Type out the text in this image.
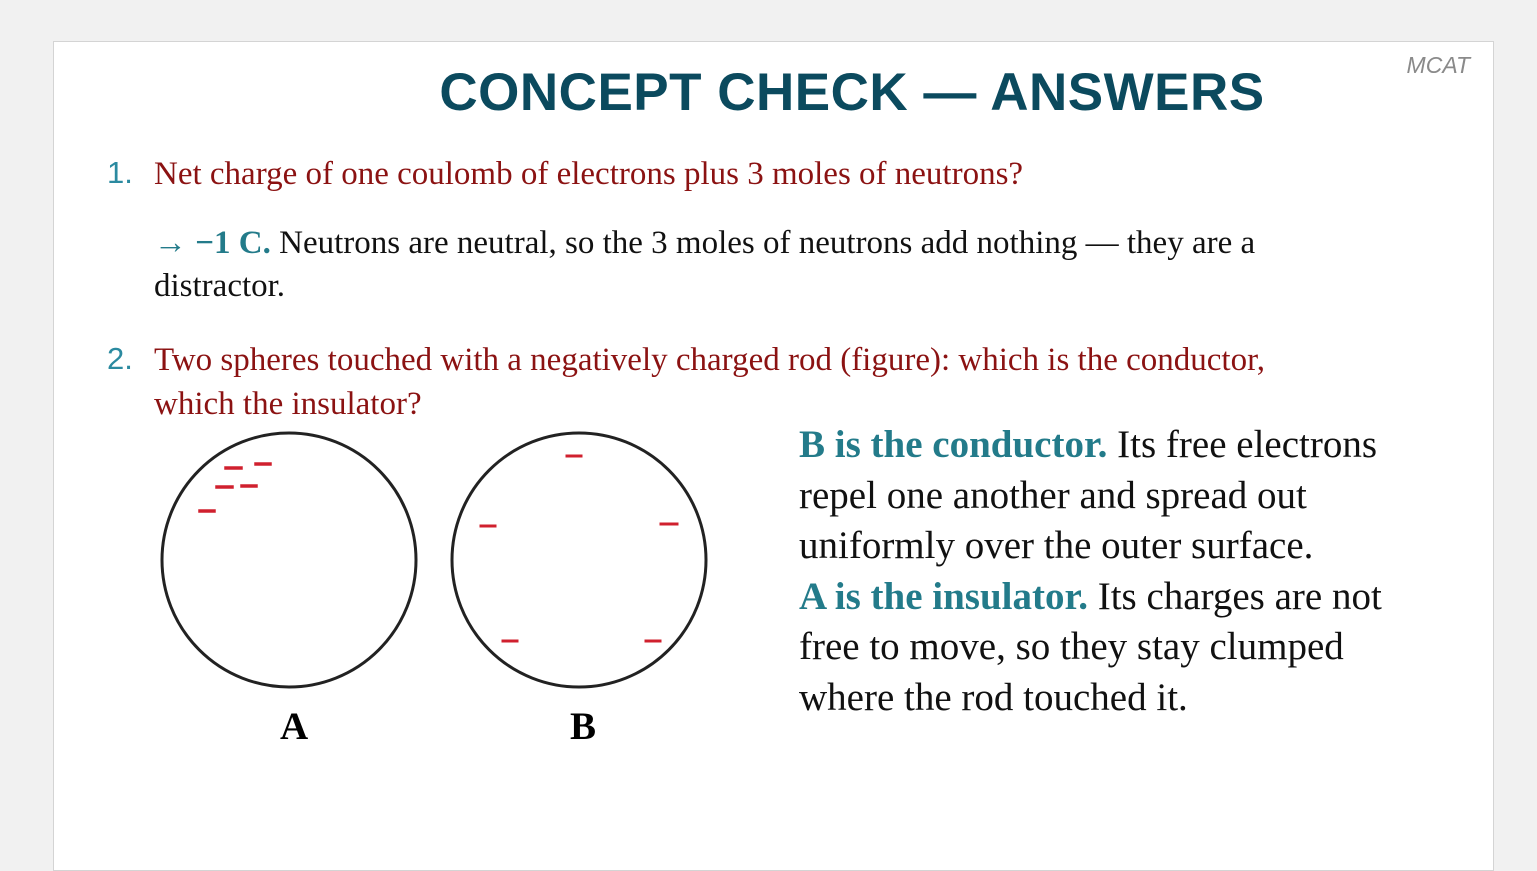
MCAT
CONCEPT CHECK — ANSWERS
1. Net charge of one coulomb of electrons plus 3 moles of neutrons?
→ −1 C. Neutrons are neutral, so the 3 moles of neutrons add nothing — they are a
distractor.
2. Two spheres touched with a negatively charged rod (figure): which is the conductor,
which the insulator?
A	B
B is the conductor. Its free electrons repel one another and spread out uniformly over the outer surface.
A is the insulator. Its charges are not free to move, so they stay clumped where the rod touched it.
